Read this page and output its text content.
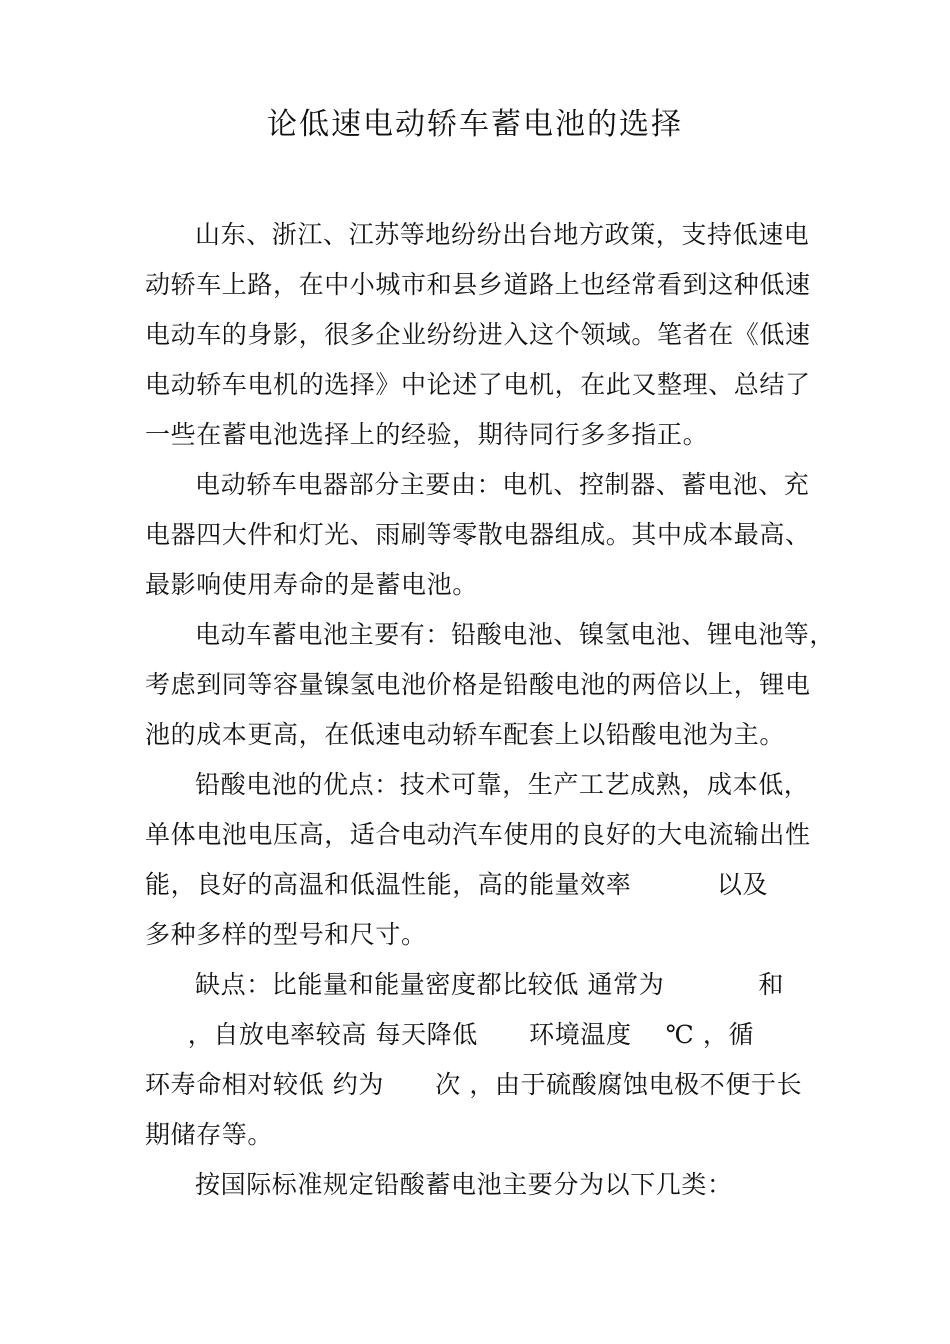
论低速电动轿车蓄电池的选择
山东、浙江、江苏等地纷纷出台地方政策，支持低速电
动轿车上路，在中小城市和县乡道路上也经常看到这种低速
电动车的身影，很多企业纷纷进入这个领域。笔者在《低速
电动轿车电机的选择》中论述了电机，在此又整理、总结了
一些在蓄电池选择上的经验，期待同行多多指正。
电动轿车电器部分主要由：电机、控制器、蓄电池、充
电器四大件和灯光、雨刷等零散电器组成。其中成本最高、
最影响使用寿命的是蓄电池。
电动车蓄电池主要有：铅酸电池、镍氢电池、锂电池等，
考虑到同等容量镍氢电池价格是铅酸电池的两倍以上，锂电
池的成本更高，在低速电动轿车配套上以铅酸电池为主。
铅酸电池的优点：技术可靠，生产工艺成熟，成本低，
单体电池电压高，适合电动汽车使用的良好的大电流输出性
能，良好的高温和低温性能，高的能量效率          以及
多种多样的型号和尺寸。
缺点：比能量和能量密度都比较低 通常为           和
，自放电率较高 每天降低      环境温度    ℃ ，循
环寿命相对较低 约为      次 ，由于硫酸腐蚀电极不便于长
期储存等。
按国际标准规定铅酸蓄电池主要分为以下几类：
